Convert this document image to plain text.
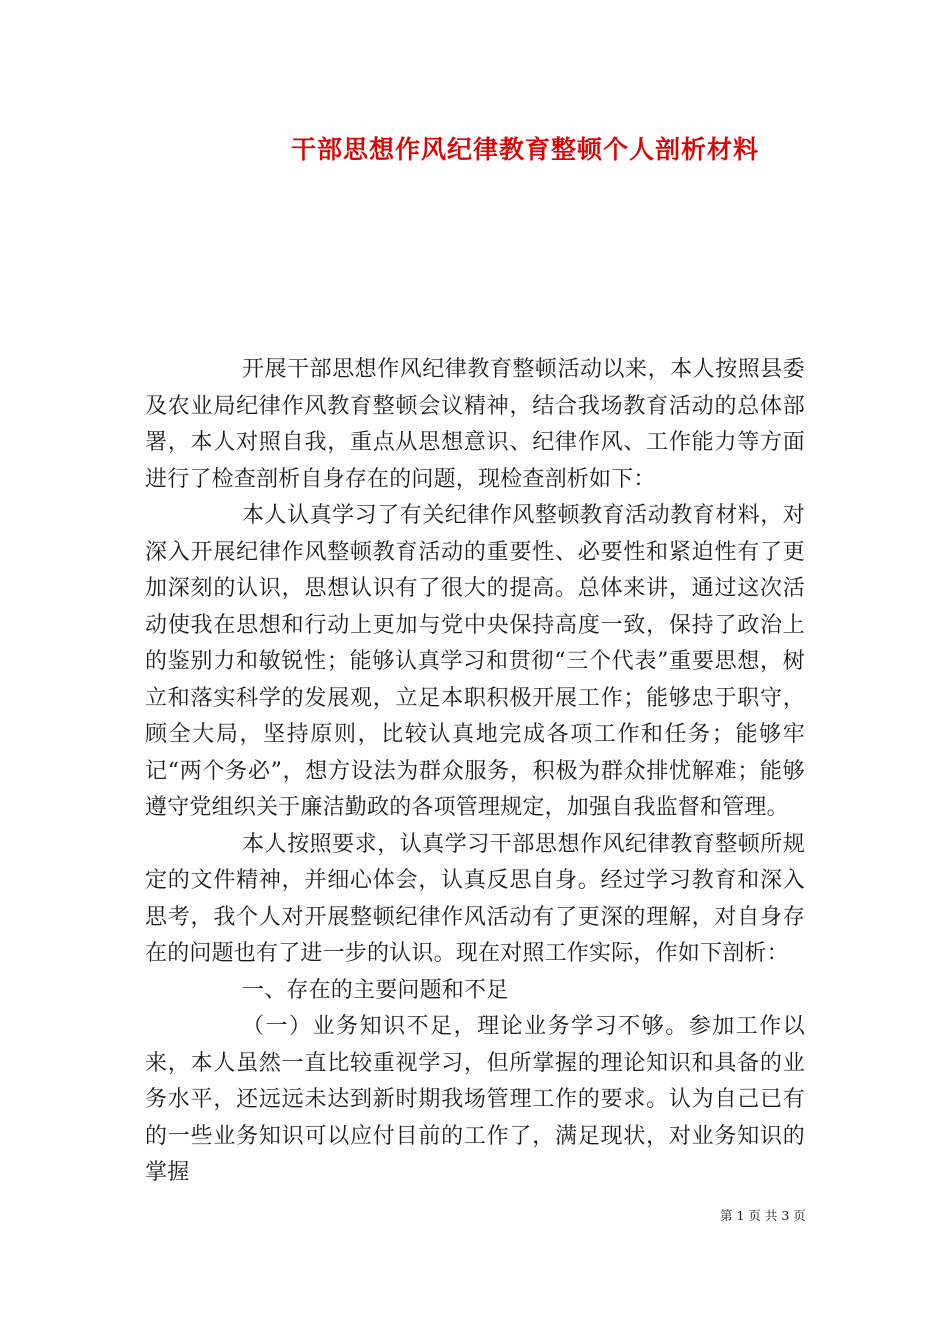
干部思想作风纪律教育整顿个人剖析材料

开展干部思想作风纪律教育整顿活动以来，本人按照县委及农业局纪律作风教育整顿会议精神，结合我场教育活动的总体部署，本人对照自我，重点从思想意识、纪律作风、工作能力等方面进行了检查剖析自身存在的问题，现检查剖析如下：

本人认真学习了有关纪律作风整顿教育活动教育材料，对深入开展纪律作风整顿教育活动的重要性、必要性和紧迫性有了更加深刻的认识，思想认识有了很大的提高。总体来讲，通过这次活动使我在思想和行动上更加与党中央保持高度一致，保持了政治上的鉴别力和敏锐性；能够认真学习和贯彻“三个代表”重要思想，树立和落实科学的发展观，立足本职积极开展工作；能够忠于职守，顾全大局，坚持原则，比较认真地完成各项工作和任务；能够牢记“两个务必”，想方设法为群众服务，积极为群众排忧解难；能够遵守党组织关于廉洁勤政的各项管理规定，加强自我监督和管理。

本人按照要求，认真学习干部思想作风纪律教育整顿所规定的文件精神，并细心体会，认真反思自身。经过学习教育和深入思考，我个人对开展整顿纪律作风活动有了更深的理解，对自身存在的问题也有了进一步的认识。现在对照工作实际，作如下剖析：

一、存在的主要问题和不足

（一）业务知识不足，理论业务学习不够。参加工作以来，本人虽然一直比较重视学习，但所掌握的理论知识和具备的业务水平，还远远未达到新时期我场管理工作的要求。认为自己已有的一些业务知识可以应付目前的工作了，满足现状，对业务知识的掌握

第 1 页 共 3 页
